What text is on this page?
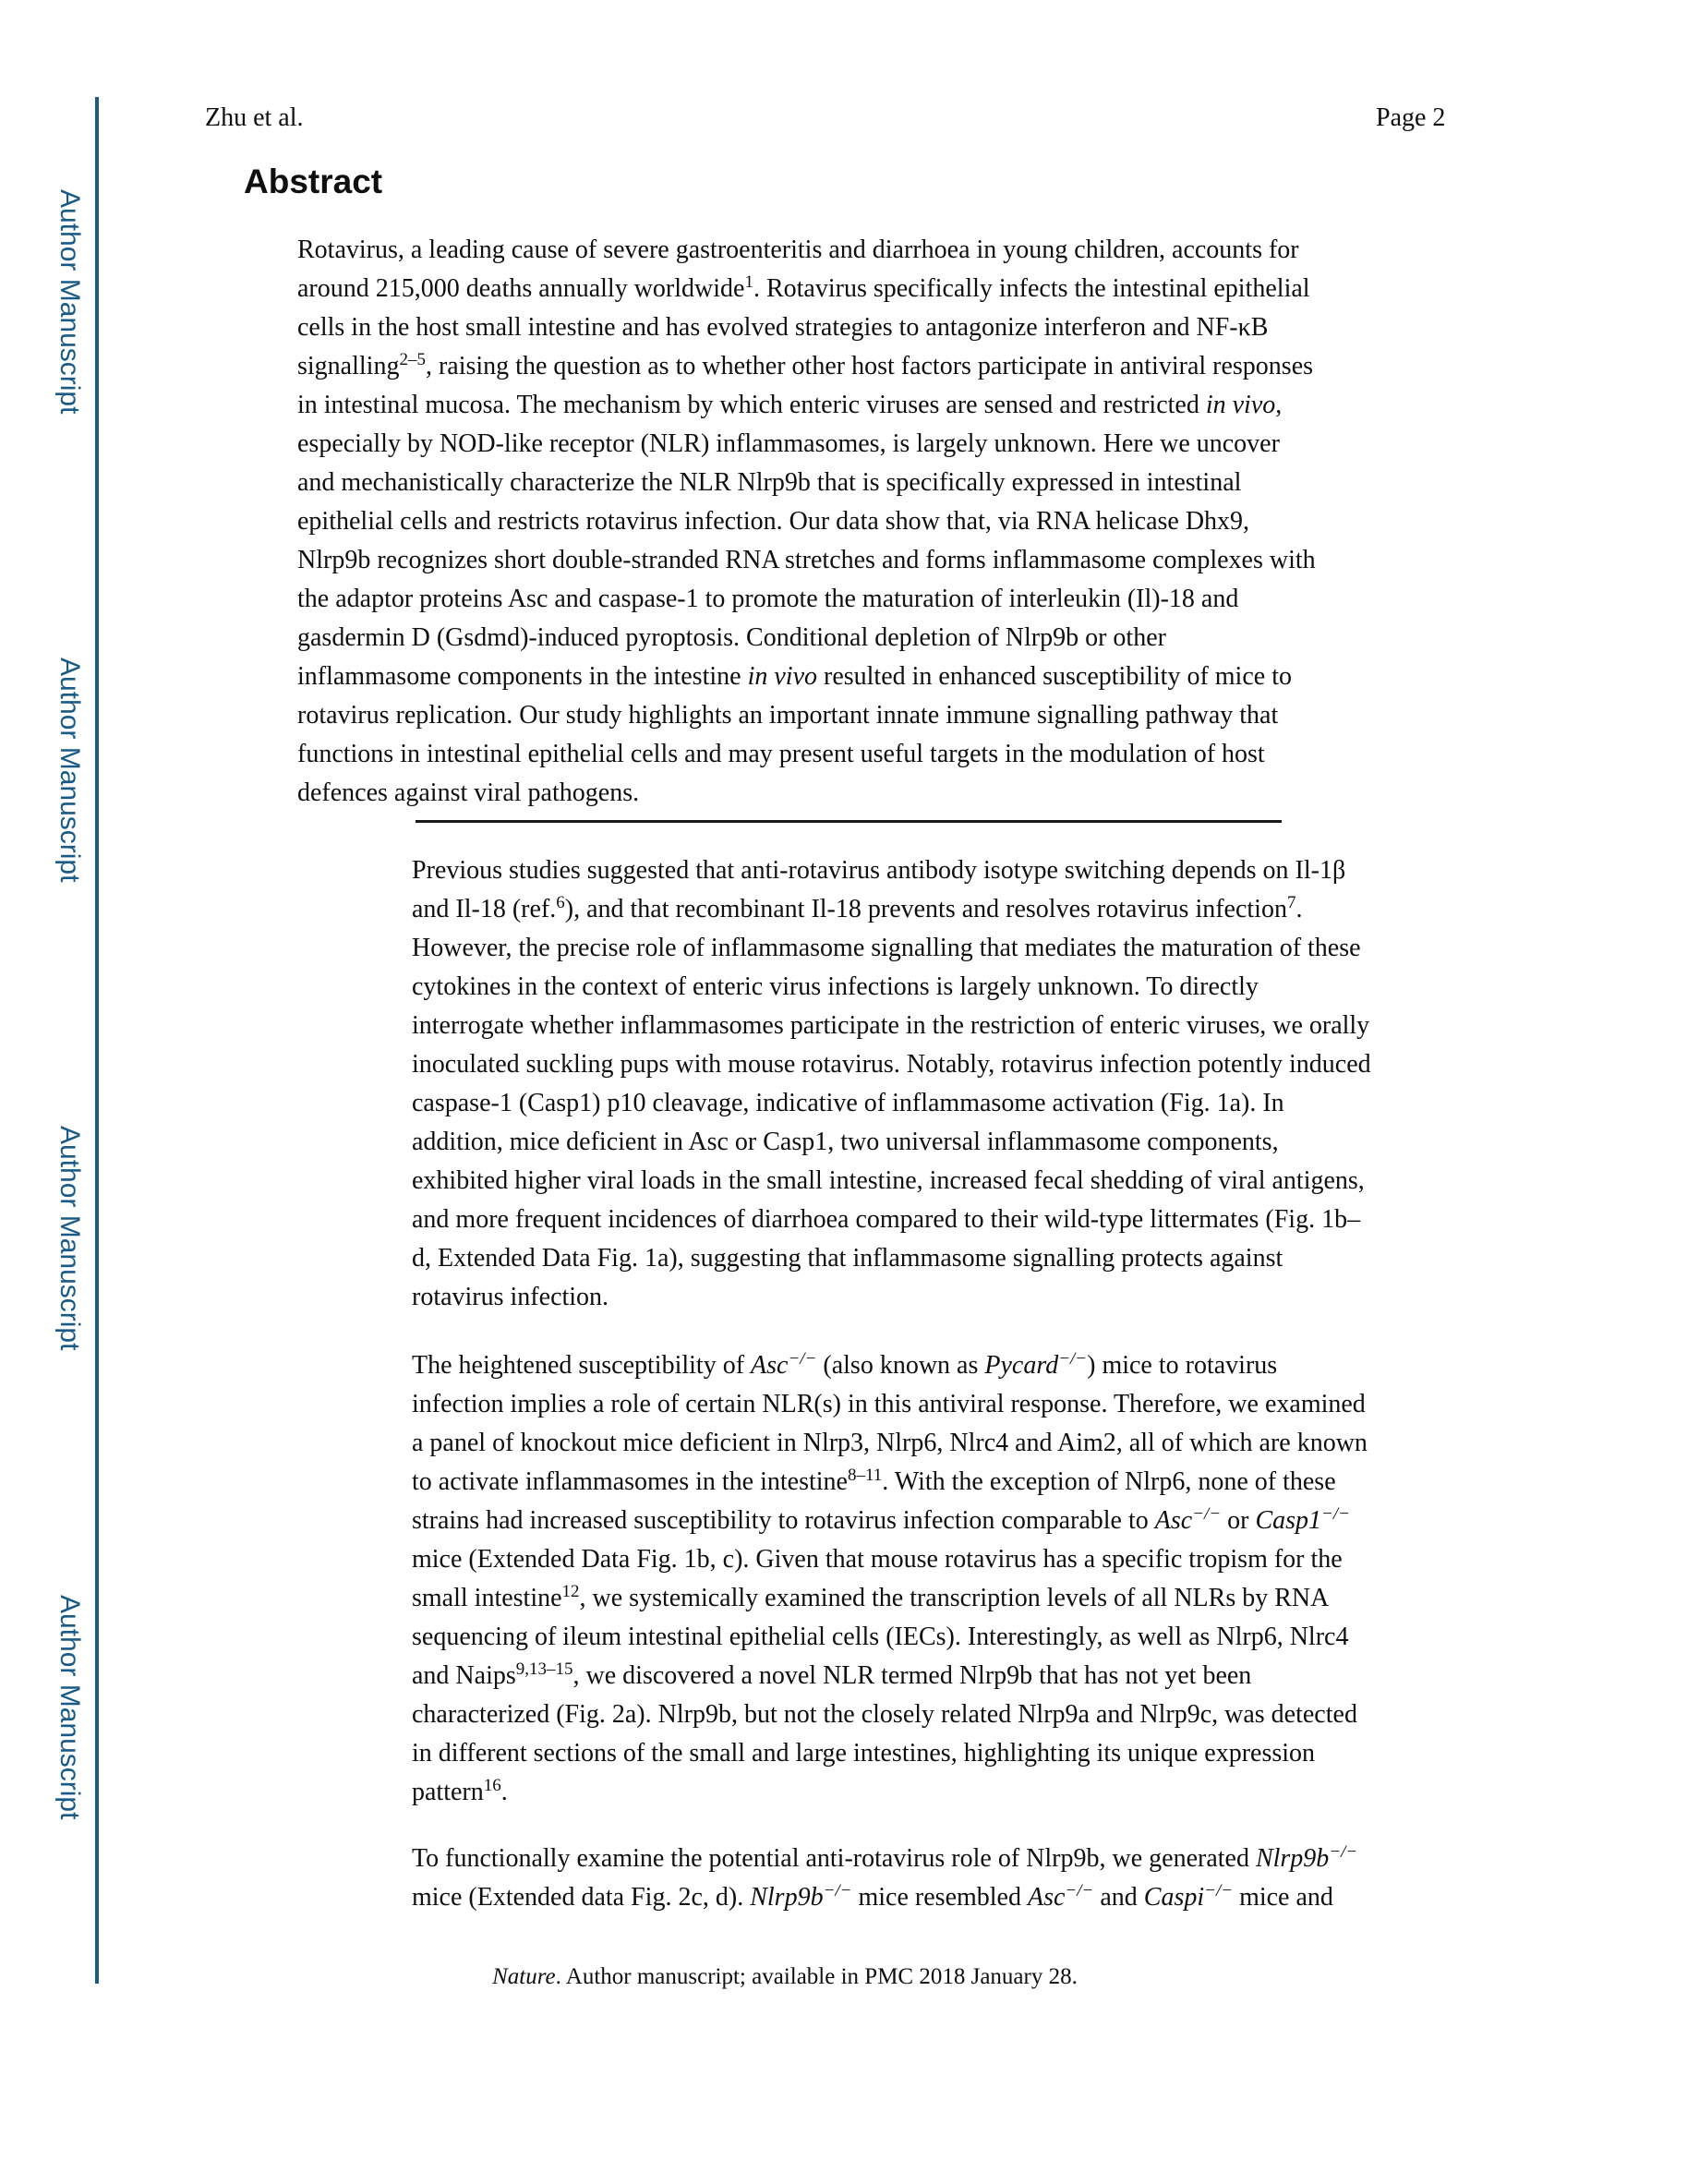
Zhu et al.	Page 2
Author Manuscript
Author Manuscript
Author Manuscript
Author Manuscript
Abstract
Rotavirus, a leading cause of severe gastroenteritis and diarrhoea in young children, accounts for
around 215,000 deaths annually worldwide$^1$. Rotavirus specifically infects the intestinal epithelial
cells in the host small intestine and has evolved strategies to antagonize interferon and NF-κB
signalling$^{2-5}$, raising the question as to whether other host factors participate in antiviral responses
in intestinal mucosa. The mechanism by which enteric viruses are sensed and restricted in vivo,
especially by NOD-like receptor (NLR) inflammasomes, is largely unknown. Here we uncover
and mechanistically characterize the NLR Nlrp9b that is specifically expressed in intestinal
epithelial cells and restricts rotavirus infection. Our data show that, via RNA helicase Dhx9,
Nlrp9b recognizes short double-stranded RNA stretches and forms inflammasome complexes with
the adaptor proteins Asc and caspase-1 to promote the maturation of interleukin (Il)-18 and
gasdermin D (Gsdmd)-induced pyroptosis. Conditional depletion of Nlrp9b or other
inflammasome components in the intestine in vivo resulted in enhanced susceptibility of mice to
rotavirus replication. Our study highlights an important innate immune signalling pathway that
functions in intestinal epithelial cells and may present useful targets in the modulation of host
defences against viral pathogens.
Previous studies suggested that anti-rotavirus antibody isotype switching depends on Il-1β
and Il-18 (ref.$^6$), and that recombinant Il-18 prevents and resolves rotavirus infection$^7$.
However, the precise role of inflammasome signalling that mediates the maturation of these
cytokines in the context of enteric virus infections is largely unknown. To directly
interrogate whether inflammasomes participate in the restriction of enteric viruses, we orally
inoculated suckling pups with mouse rotavirus. Notably, rotavirus infection potently induced
caspase-1 (Casp1) p10 cleavage, indicative of inflammasome activation (Fig. 1a). In
addition, mice deficient in Asc or Casp1, two universal inflammasome components,
exhibited higher viral loads in the small intestine, increased fecal shedding of viral antigens,
and more frequent incidences of diarrhoea compared to their wild-type littermates (Fig. 1b–
d, Extended Data Fig. 1a), suggesting that inflammasome signalling protects against
rotavirus infection.
The heightened susceptibility of Asc−/− (also known as Pycard−/−) mice to rotavirus
infection implies a role of certain NLR(s) in this antiviral response. Therefore, we examined
a panel of knockout mice deficient in Nlrp3, Nlrp6, Nlrc4 and Aim2, all of which are known
to activate inflammasomes in the intestine$^{8-11}$. With the exception of Nlrp6, none of these
strains had increased susceptibility to rotavirus infection comparable to Asc−/− or Casp1−/−
mice (Extended Data Fig. 1b, c). Given that mouse rotavirus has a specific tropism for the
small intestine$^{12}$, we systemically examined the transcription levels of all NLRs by RNA
sequencing of ileum intestinal epithelial cells (IECs). Interestingly, as well as Nlrp6, Nlrc4
and Naips$^{9,13-15}$, we discovered a novel NLR termed Nlrp9b that has not yet been
characterized (Fig. 2a). Nlrp9b, but not the closely related Nlrp9a and Nlrp9c, was detected
in different sections of the small and large intestines, highlighting its unique expression
pattern$^{16}$.
To functionally examine the potential anti-rotavirus role of Nlrp9b, we generated Nlrp9b−/−
mice (Extended data Fig. 2c, d). Nlrp9b−/− mice resembled Asc−/− and Caspi−/− mice and
Nature. Author manuscript; available in PMC 2018 January 28.
